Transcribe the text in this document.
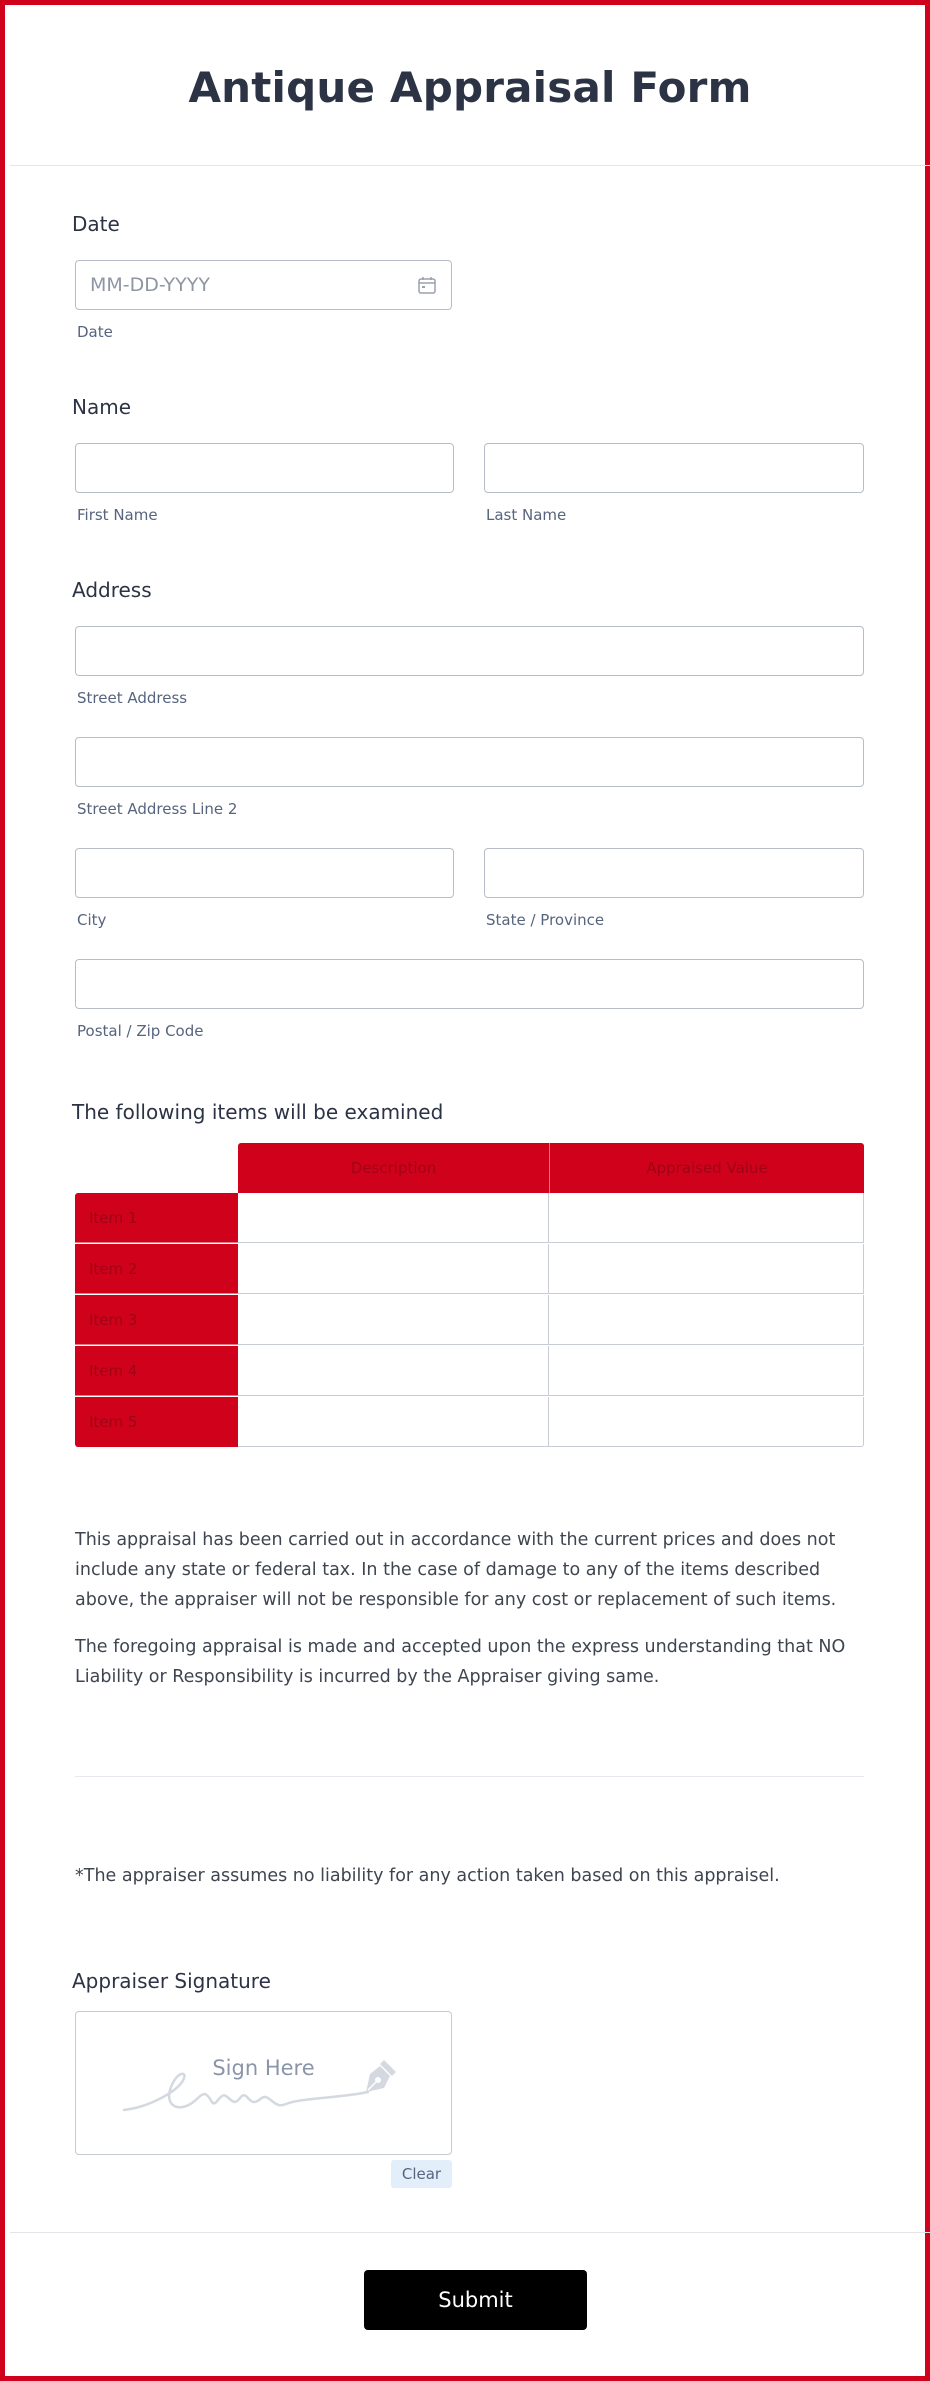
Antique Appraisal Form
Date
MM-DD-YYYY
Date
Name
First Name	Last Name
Address
Street Address
Street Address Line 2
City	State / Province
Postal / Zip Code
The following items will be examined
Description	Appraised Value
Item 1
Item 2
Item 3
Item 4
Item 5
This appraisal has been carried out in accordance with the current prices and does not include any state or federal tax. In the case of damage to any of the items described above, the appraiser will not be responsible for any cost or replacement of such items.
The foregoing appraisal is made and accepted upon the express understanding that NO Liability or Responsibility is incurred by the Appraiser giving same.
*The appraiser assumes no liability for any action taken based on this appraisel.
Appraiser Signature
Sign Here
Clear
Submit
